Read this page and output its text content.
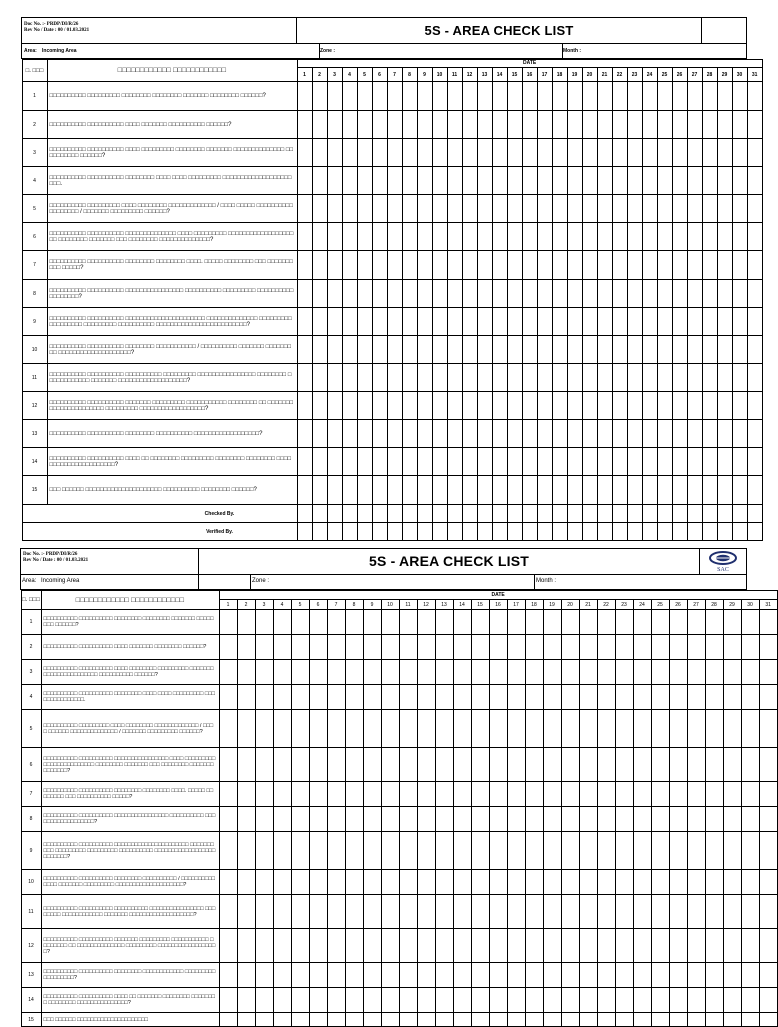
Doc No. :- PRDP/DI/R/26
Rev No / Date : 00 / 01.03.2021	5S - AREA CHECK LIST

Area: Incoming Area	Zone :	Month :

□. □□□	□□□□□□□□□□□□ □□□□□□□□□□□□	DATE
1	2	3	4	5	6	7	8	9	10	11	12	13	14	15	16	17	18	19	20	21	22	23	24	25	26	27	28	29	30	31
1	□□□□□□□□□□ □□□□□□□□□ □□□□□□□□ □□□□□□□□ □□□□□□□ □□□□□□□□ □□□□□□?																															
2	□□□□□□□□□□ □□□□□□□□□□ □□□□ □□□□□□□ □□□□□□□□□□ □□□□□□?																															
3	□□□□□□□□□□ □□□□□□□□□□ □□□□ □□□□□□□□□ □□□□□□□□ □□□□□□□ □□□□□□□□□□□□□□ □□□□□□□□□□ □□□□□□?																															
4	□□□□□□□□□□ □□□□□□□□□□ □□□□□□□□ □□□□ □□□□ □□□□□□□□□ □□□□□□□□□□□□□□□□□□□□□□.																															
5	□□□□□□□□□□ □□□□□□□□□ □□□□ □□□□□□□□ □□□□□□□□□□□□□ / □□□□ □□□□□ □□□□□□□□□□□□□□□□□□ / □□□□□□□ □□□□□□□□□ □□□□□□?																															
6	□□□□□□□□□□ □□□□□□□□□□ □□□□□□□□□□□□□□ □□□□ □□□□□□□□□ □□□□□□□□□□□□□□□□□□□□ □□□□□□□□ □□□□□□□ □□□ □□□□□□□□ □□□□□□□□□□□□□□?																															
7	□□□□□□□□□□ □□□□□□□□□□ □□□□□□□□ □□□□□□□□ □□□□. □□□□□ □□□□□□□□ □□□ □□□□□□□□□□ □□□□□?																															
8	□□□□□□□□□□ □□□□□□□□□□ □□□□□□□□□□□□□□□□ □□□□□□□□□□ □□□□□□□□□ □□□□□□□□□□□□□□□□□□?																															
9	□□□□□□□□□□ □□□□□□□□□□ □□□□□□□□□□□□□□□□□□□□□□ □□□□□□□□□□□□□□ □□□□□□□□□ □□□□□□□□□ □□□□□□□□□ □□□□□□□□□□ □□□□□□□□□□□□□□□□□□□□□□□□□?																															
10	□□□□□□□□□□ □□□□□□□□□□ □□□□□□□□ □□□□□□□□□□□ / □□□□□□□□□□ □□□□□□□ □□□□□□□□□ □□□□□□□□□□□□□□□□□□□□?																															
11	□□□□□□□□□□ □□□□□□□□□□ □□□□□□□□□□ □□□□□□□□□ □□□□□□□□□□□□□□□□ □□□□□□□□ □□□□□□□□□□□□ □□□□□□□ □□□□□□□□□□□□□□□□□□□?																															
12	□□□□□□□□□□ □□□□□□□□□□ □□□□□□□ □□□□□□□□□ □□□□□□□□□□□ □□□□□□□□ □□ □□□□□□□□□□□□□□□□□□□□□□ □□□□□□□□□ □□□□□□□□□□□□□□□□□□?																															
13	□□□□□□□□□□ □□□□□□□□□□ □□□□□□□□ □□□□□□□□□□ □□□□□□□□□□□□□□□□□□?																															
14	□□□□□□□□□□ □□□□□□□□□□ □□□□ □□ □□□□□□□□ □□□□□□□□□ □□□□□□□□ □□□□□□□□ □□□□□□□□□□□□□□□□□□□□□□?																															
15	□□□ □□□□□□ □□□□□□□□□□□□□□□□□□□□□ □□□□□□□□□□ □□□□□□□□ □□□□□□?																															
Checked By.																															
Verified By.																															
Doc No. :- PRDP/DI/R/26
Rev No / Date : 00 / 01.03.2021	5S - AREA CHECK LIST
SAC

Area: Incoming Area	Zone :	Month :

□. □□□	□□□□□□□□□□□□ □□□□□□□□□□□□	DATE
1	2	3	4	5	6	7	8	9	10	11	12	13	14	15	16	17	18	19	20	21	22	23	24	25	26	27	28	29	30	31
1	□□□□□□□□□□ □□□□□□□□□□ □□□□□□□□ □□□□□□□□ □□□□□□□ □□□□□□□□ □□□□□□?																															
2	□□□□□□□□□□ □□□□□□□□□□ □□□□ □□□□□□□ □□□□□□□□ □□□□□□?																															
3	□□□□□□□□□□ □□□□□□□□□□ □□□□ □□□□□□□□ □□□□□□□□□ □□□□□□□□□□□□□□□□□□□□□□□ □□□□□□□□□□ □□□□□□?																															
4	□□□□□□□□□□ □□□□□□□□□□ □□□□□□□□ □□□□ □□□□ □□□□□□□□□ □□□□□□□□□□□□□□□.																															
5	□□□□□□□□□□ □□□□□□□□□ □□□□ □□□□□□□□ □□□□□□□□□□□□□ / □□□□ □□□□□□ □□□□□□□□□□□□□□ / □□□□□□□ □□□□□□□□□ □□□□□□?																															
6	□□□□□□□□□□ □□□□□□□□□□ □□□□□□□□□□□□□□□□ □□□□ □□□□□□□□□ □□□□□□□□□□□□□□□ □□□□□□□□ □□□□□□□ □□□ □□□□□□□□ □□□□□□□□□□□□□□?																															
7	□□□□□□□□□□ □□□□□□□□□□ □□□□□□□□ □□□□□□□□ □□□□. □□□□□ □□□□□□□□ □□□ □□□□□□□□□□ □□□□□?																															
8	□□□□□□□□□□ □□□□□□□□□□ □□□□□□□□□□□□□□□□ □□□□□□□□□□ □□□□□□□□□□□□□□□□□□?																															
9	□□□□□□□□□□ □□□□□□□□□□ □□□□□□□□□□□□□□□□□□□□□□ □□□□□□□□□□ □□□□□□□□□ □□□□□□□□□ □□□□□□□□□□ □□□□□□□□□□□□□□□□□□□□□□□□□?																															
10	□□□□□□□□□□ □□□□□□□□□□ □□□□□□□□ □□□□□□□□□□ / □□□□□□□□□□□□□□ □□□□□□□ □□□□□□□□□ □□□□□□□□□□□□□□□□□□□□?																															
11	□□□□□□□□□□ □□□□□□□□□□ □□□□□□□□□□ □□□□□□□□□□□□□□□□ □□□□□□□□ □□□□□□□□□□□□ □□□□□□□ □□□□□□□□□□□□□□□□□□□?																															
12	□□□□□□□□□□ □□□□□□□□□□ □□□□□□□ □□□□□□□□□ □□□□□□□□□□□ □□□□□□□□ □□ □□□□□□□□□□□□□□ □□□□□□□□□ □□□□□□□□□□□□□□□□□□?																															
13	□□□□□□□□□□ □□□□□□□□□□ □□□□□□□□ □□□□□□□□□□□□ □□□□□□□□□□□□□□□□□□?																															
14	□□□□□□□□□□ □□□□□□□□□□ □□□□ □□ □□□□□□□ □□□□□□□□ □□□□□□□□ □□□□□□□□ □□□□□□□□□□□□□□□?																															
15	□□□ □□□□□□ □□□□□□□□□□□□□□□□□□□□□																															
